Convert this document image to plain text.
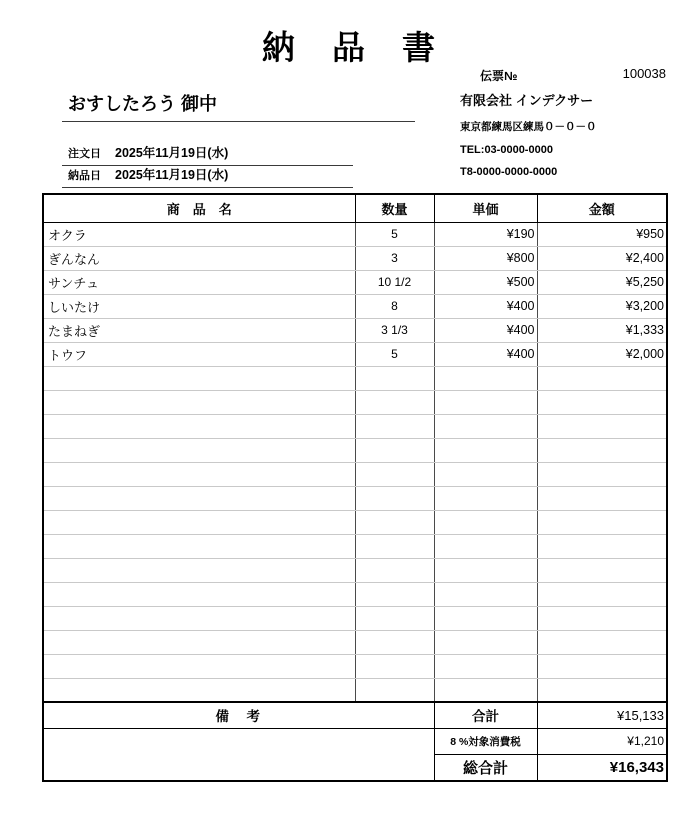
納　品　書
伝票№	100038
おすしたろう 御中
注文日 2025年11月19日(水)
納品日 2025年11月19日(水)
有限会社 インデクサー
東京都練馬区練馬０－０－０
TEL:03-0000-0000
T8-0000-0000-0000
商　品　名	数量	単価	金額
オクラ	5	¥190	¥950
ぎんなん	3	¥800	¥2,400
サンチュ	10 1/2	¥500	¥5,250
しいたけ	8	¥400	¥3,200
たまねぎ	3 1/3	¥400	¥1,333
トウフ	5	¥400	¥2,000

備　考		合計	¥15,133
		8 %対象消費税	¥1,210
		総合計	¥16,343
